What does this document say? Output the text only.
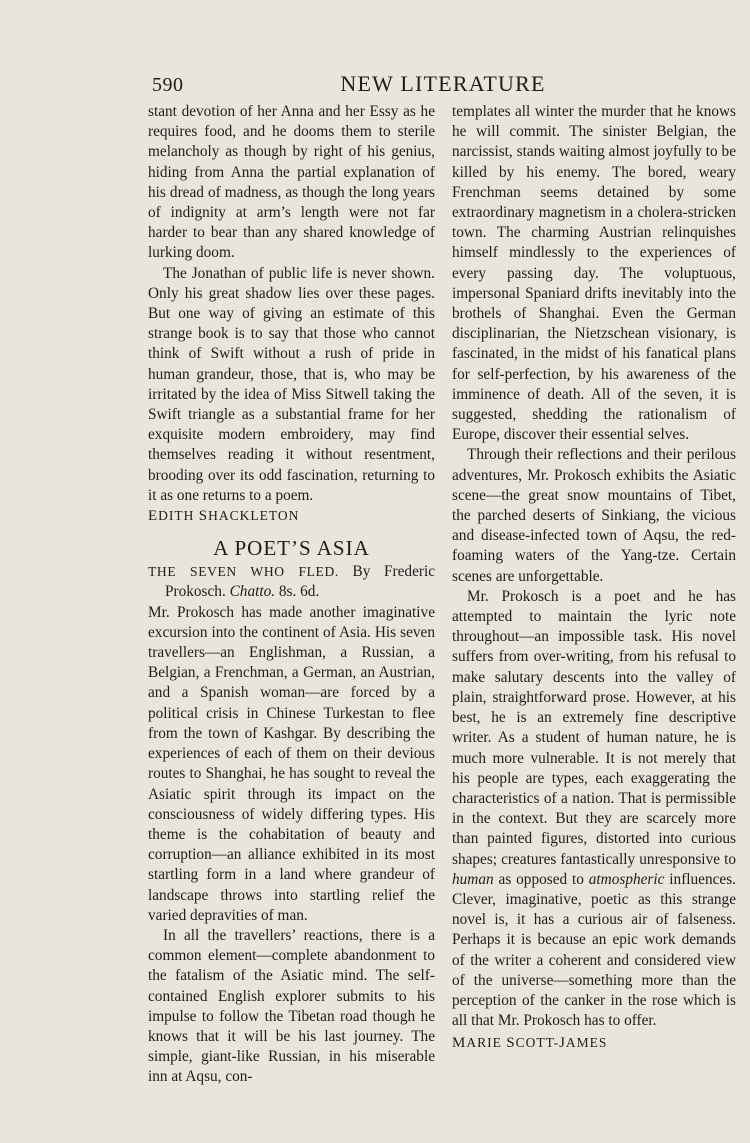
590	NEW LITERATURE

stant devotion of her Anna and her Essy as he requires food, and he dooms them to sterile melancholy as though by right of his genius, hiding from Anna the partial explanation of his dread of madness, as though the long years of indignity at arm’s length were not far harder to bear than any shared knowledge of lurking doom.

The Jonathan of public life is never shown. Only his great shadow lies over these pages. But one way of giving an estimate of this strange book is to say that those who cannot think of Swift without a rush of pride in human grandeur, those, that is, who may be irritated by the idea of Miss Sitwell taking the Swift triangle as a substantial frame for her exquisite modern embroidery, may find themselves reading it without resentment, brooding over its odd fascination, returning to it as one returns to a poem.

EDITH SHACKLETON

A POET’S ASIA

THE SEVEN WHO FLED. By Frederic Prokosch. Chatto. 8s. 6d.

Mr. Prokosch has made another imaginative excursion into the continent of Asia. His seven travellers—an Englishman, a Russian, a Belgian, a Frenchman, a German, an Austrian, and a Spanish woman—are forced by a political crisis in Chinese Turkestan to flee from the town of Kashgar. By describing the experiences of each of them on their devious routes to Shanghai, he has sought to reveal the Asiatic spirit through its impact on the consciousness of widely differing types. His theme is the cohabitation of beauty and corruption—an alliance exhibited in its most startling form in a land where grandeur of landscape throws into startling relief the varied depravities of man.

In all the travellers’ reactions, there is a common element—complete abandonment to the fatalism of the Asiatic mind. The self-contained English explorer submits to his impulse to follow the Tibetan road though he knows that it will be his last journey. The simple, giant-like Russian, in his miserable inn at Aqsu, con-

templates all winter the murder that he knows he will commit. The sinister Belgian, the narcissist, stands waiting almost joyfully to be killed by his enemy. The bored, weary Frenchman seems detained by some extraordinary magnetism in a cholera-stricken town. The charming Austrian relinquishes himself mindlessly to the experiences of every passing day. The voluptuous, impersonal Spaniard drifts inevitably into the brothels of Shanghai. Even the German disciplinarian, the Nietzschean visionary, is fascinated, in the midst of his fanatical plans for self-perfection, by his awareness of the imminence of death. All of the seven, it is suggested, shedding the rationalism of Europe, discover their essential selves.

Through their reflections and their perilous adventures, Mr. Prokosch exhibits the Asiatic scene—the great snow mountains of Tibet, the parched deserts of Sinkiang, the vicious and disease-infected town of Aqsu, the red-foaming waters of the Yang-tze. Certain scenes are unforgettable.

Mr. Prokosch is a poet and he has attempted to maintain the lyric note throughout—an impossible task. His novel suffers from over-writing, from his refusal to make salutary descents into the valley of plain, straightforward prose. However, at his best, he is an extremely fine descriptive writer. As a student of human nature, he is much more vulnerable. It is not merely that his people are types, each exaggerating the characteristics of a nation. That is permissible in the context. But they are scarcely more than painted figures, distorted into curious shapes; creatures fantastically unresponsive to human as opposed to atmospheric influences. Clever, imaginative, poetic as this strange novel is, it has a curious air of falseness. Perhaps it is because an epic work demands of the writer a coherent and considered view of the universe—something more than the perception of the canker in the rose which is all that Mr. Prokosch has to offer.

MARIE SCOTT-JAMES
